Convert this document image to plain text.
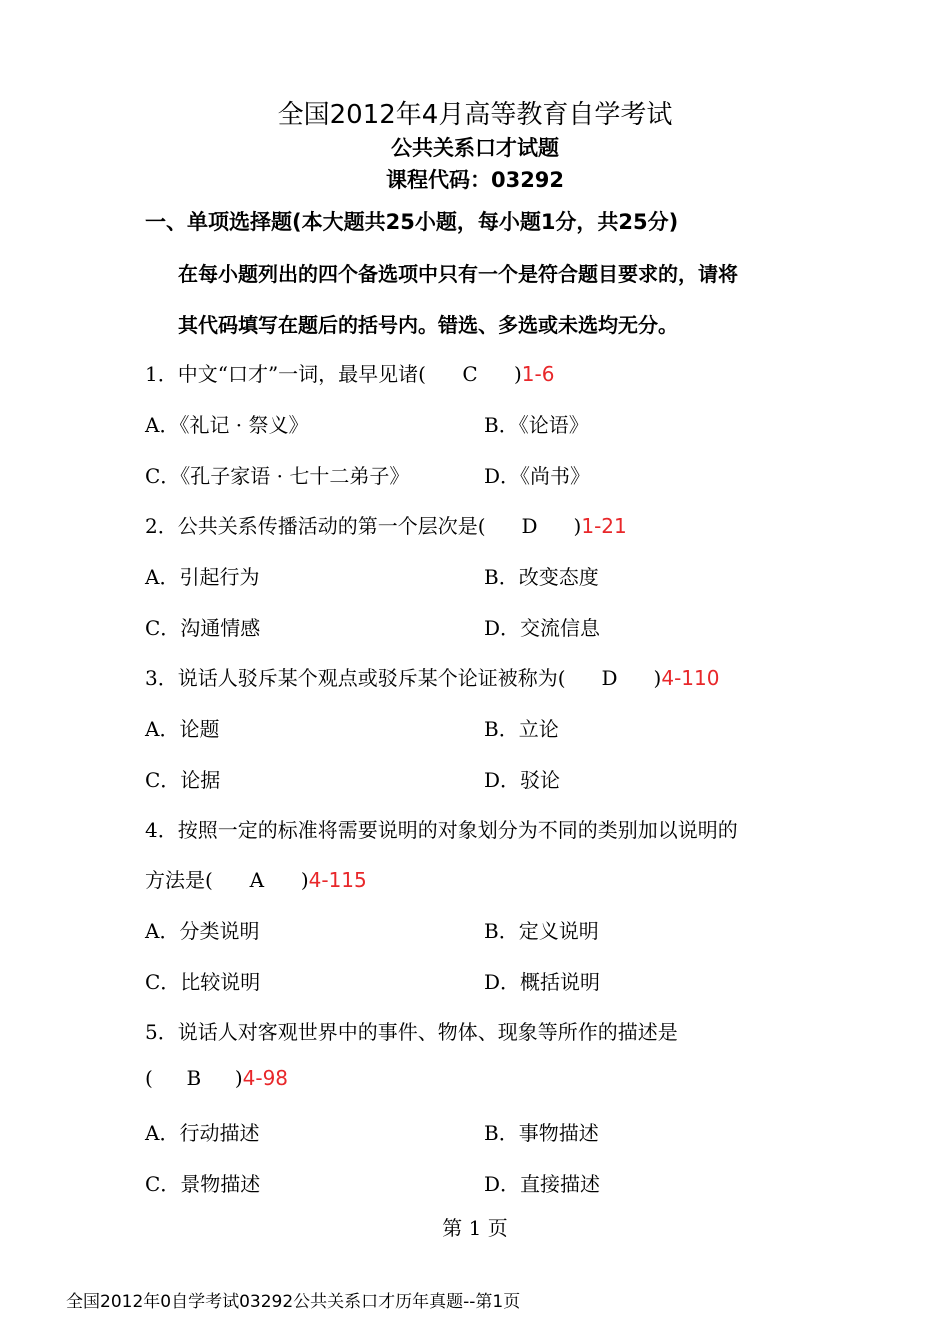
全国2012年4月高等教育自学考试
公共关系口才试题
课程代码：03292
一、单项选择题(本大题共25小题，每小题1分，共25分)
在每小题列出的四个备选项中只有一个是符合题目要求的，请将
其代码填写在题后的括号内。错选、多选或未选均无分。
1．中文“口才”一词，最早见诸( C )1-6
A．《礼记 · 祭义》	B．《论语》
C．《孔子家语 · 七十二弟子》	D．《尚书》
2．公共关系传播活动的第一个层次是( D )1-21
A．引起行为	B．改变态度
C．沟通情感	D．交流信息
3．说话人驳斥某个观点或驳斥某个论证被称为( D )4-110
A．论题	B．立论
C．论据	D．驳论
4．按照一定的标准将需要说明的对象划分为不同的类别加以说明的
方法是( A )4-115
A．分类说明	B．定义说明
C．比较说明	D．概括说明
5．说话人对客观世界中的事件、物体、现象等所作的描述是
( B )4-98
A．行动描述	B．事物描述
C．景物描述	D．直接描述
第 1 页
全国2012年0自学考试03292公共关系口才历年真题--第1页
